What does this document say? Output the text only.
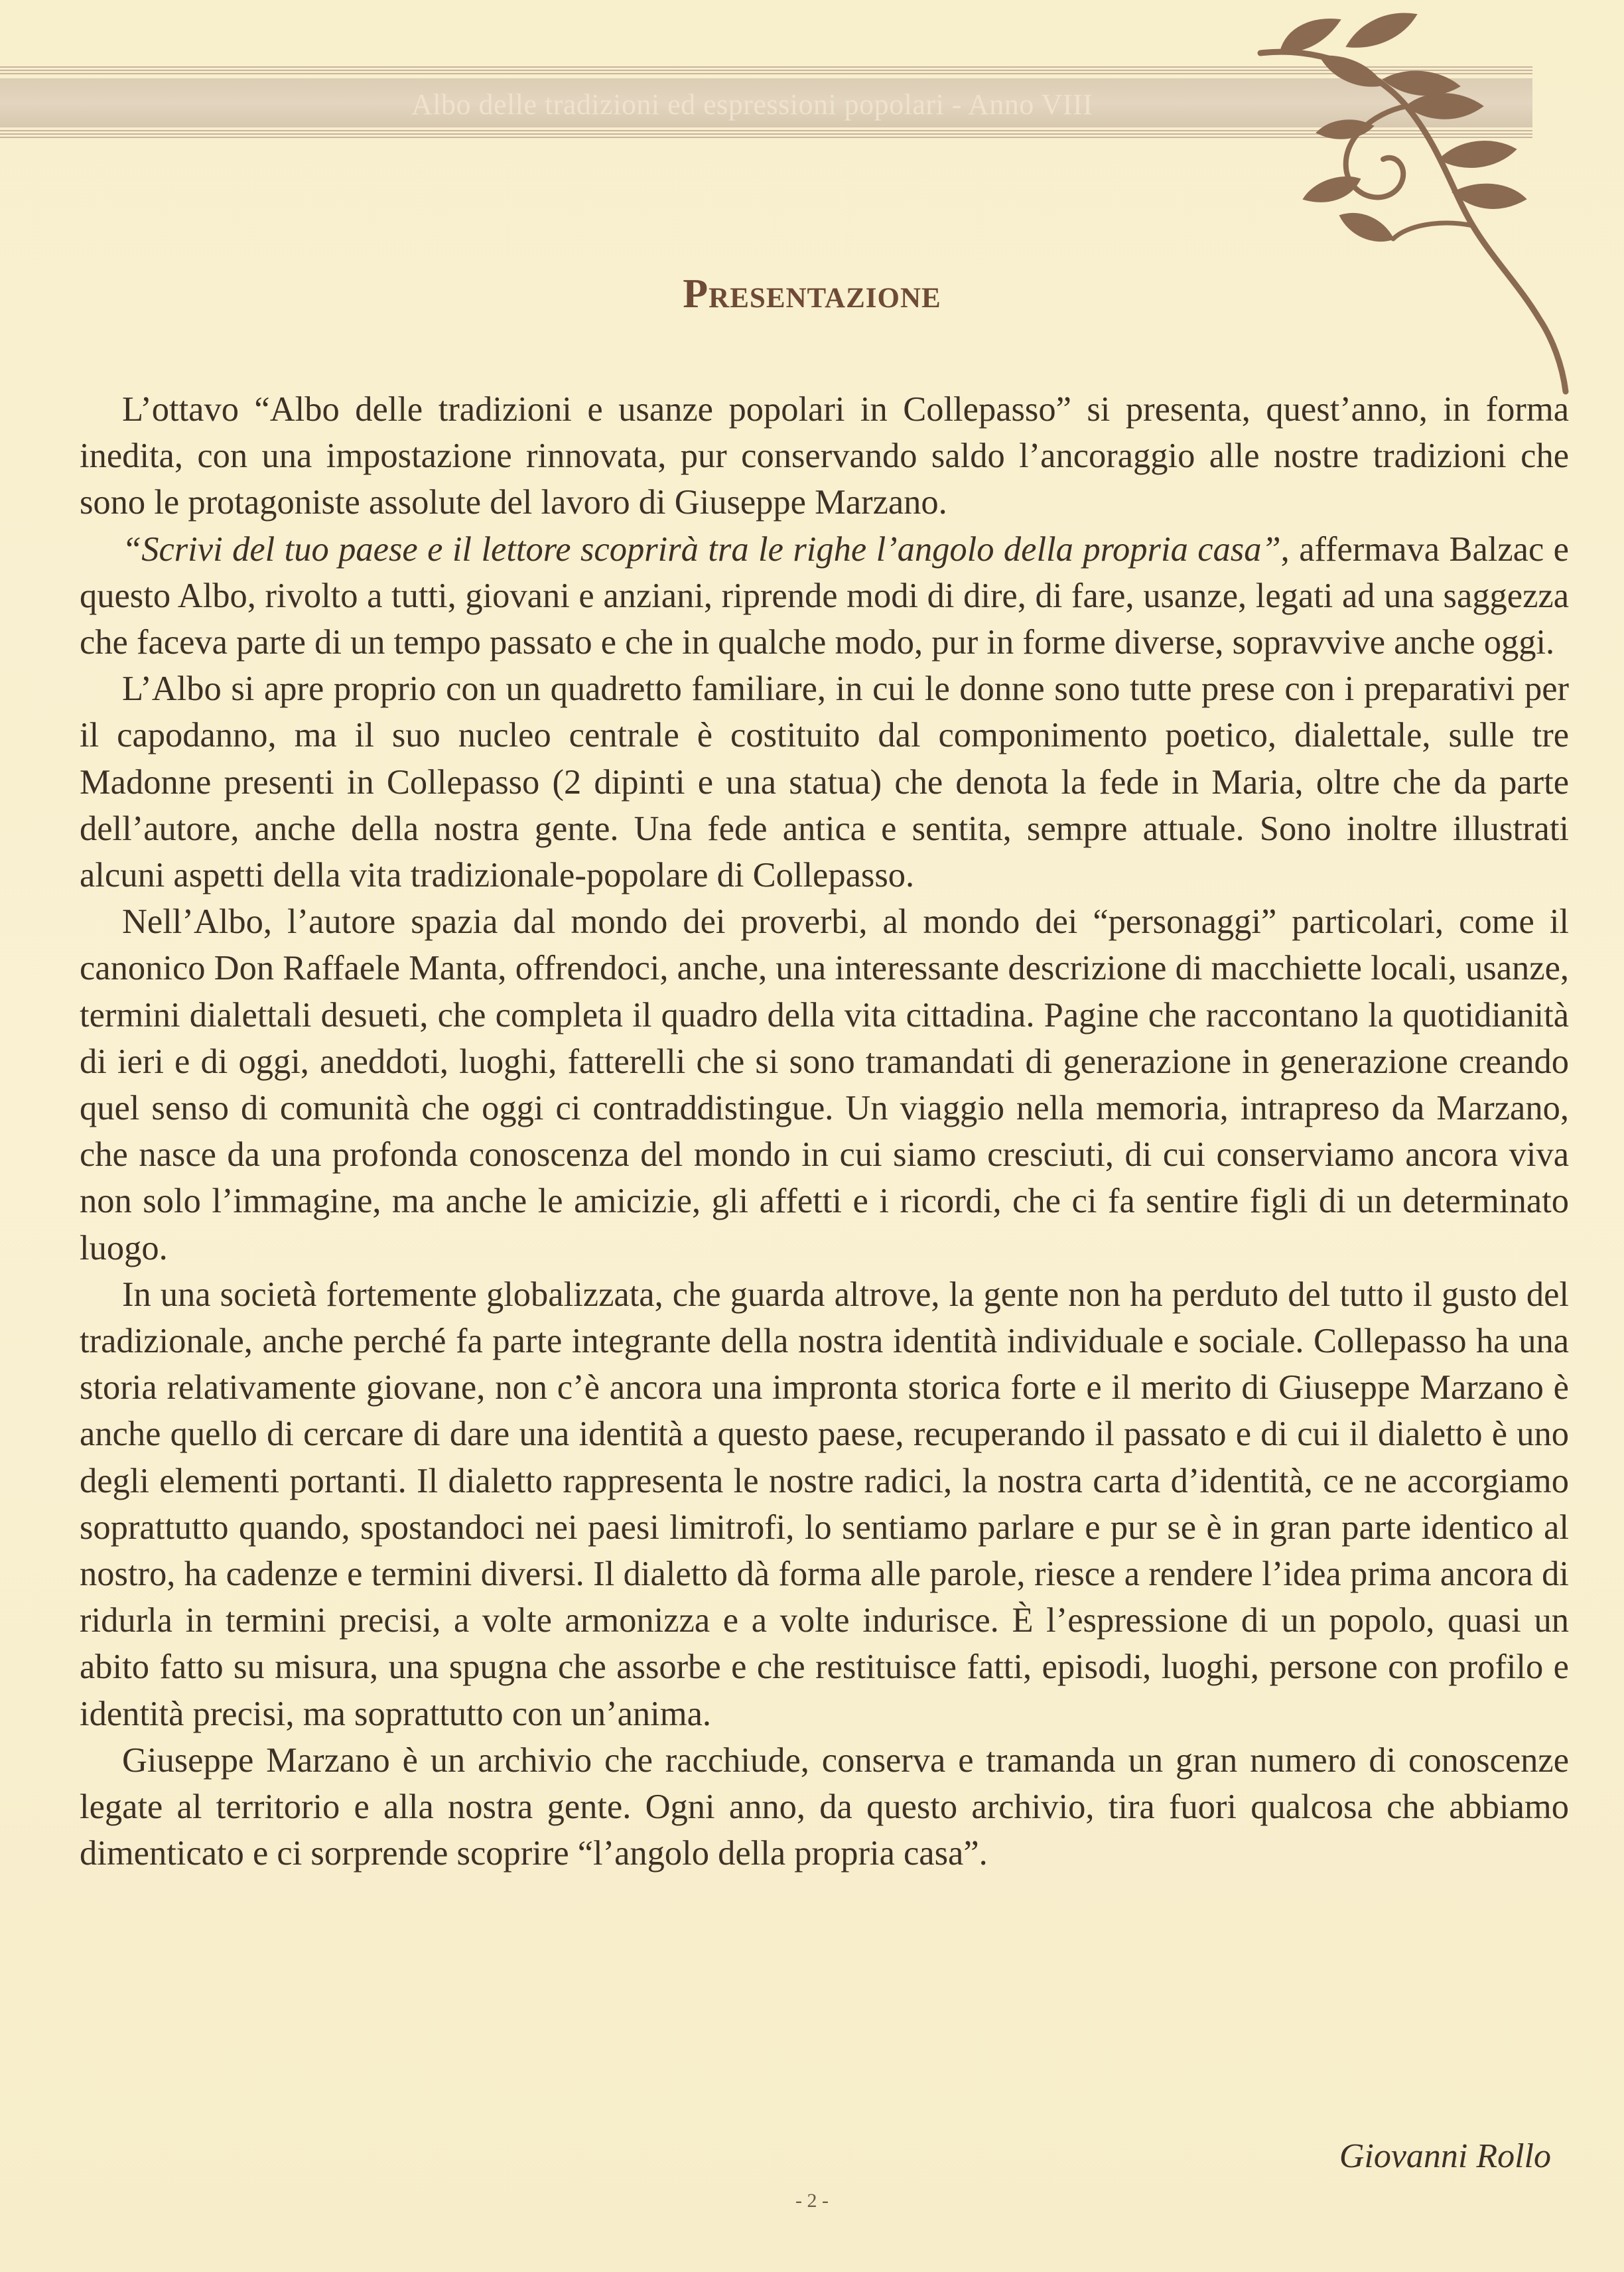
Albo delle tradizioni ed espressioni popolari - Anno VIII
Presentazione

L’ottavo “Albo delle tradizioni e usanze popolari in Collepasso” si presenta, quest’anno, in forma inedita, con una impostazione rinnovata, pur conservando saldo l’ancoraggio alle nostre tradizioni che sono le protagoniste assolute del lavoro di Giuseppe Marzano.

“Scrivi del tuo paese e il lettore scoprirà tra le righe l’angolo della propria casa”, affermava Balzac e questo Albo, rivolto a tutti, giovani e anziani, riprende modi di dire, di fare, usanze, legati ad una saggezza che faceva parte di un tempo passato e che in qualche modo, pur in forme diverse, sopravvive anche oggi.

L’Albo si apre proprio con un quadretto familiare, in cui le donne sono tutte prese con i preparativi per il capodanno, ma il suo nucleo centrale è costituito dal componimento poetico, dialettale, sulle tre Madonne presenti in Collepasso (2 dipinti e una statua) che denota la fede in Maria, oltre che da parte dell’autore, anche della nostra gente. Una fede antica e sentita, sempre attuale. Sono inoltre illustrati alcuni aspetti della vita tradizionale-popolare di Collepasso.

Nell’Albo, l’autore spazia dal mondo dei proverbi, al mondo dei “personaggi” particolari, come il canonico Don Raffaele Manta, offrendoci, anche, una interessante descrizione di macchiette locali, usanze, termini dialettali desueti, che completa il quadro della vita cittadina. Pagine che raccontano la quotidianità di ieri e di oggi, aneddoti, luoghi, fatterelli che si sono tramandati di generazione in generazione creando quel senso di comunità che oggi ci contraddistingue. Un viaggio nella memoria, intrapreso da Marzano, che nasce da una profonda conoscenza del mondo in cui siamo cresciuti, di cui conserviamo ancora viva non solo l’immagine, ma anche le amicizie, gli affetti e i ricordi, che ci fa sentire figli di un determinato luogo.

In una società fortemente globalizzata, che guarda altrove, la gente non ha perduto del tutto il gusto del tradizionale, anche perché fa parte integrante della nostra identità individuale e sociale. Collepasso ha una storia relativamente giovane, non c’è ancora una impronta storica forte e il merito di Giuseppe Marzano è anche quello di cercare di dare una identità a questo paese, recuperando il passato e di cui il dialetto è uno degli elementi portanti. Il dialetto rappresenta le nostre radici, la nostra carta d’identità, ce ne accorgiamo soprattutto quando, spostandoci nei paesi limitrofi, lo sentiamo parlare e pur se è in gran parte identico al nostro, ha cadenze e termini diversi. Il dialetto dà forma alle parole, riesce a rendere l’idea prima ancora di ridurla in termini precisi, a volte armonizza e a volte indurisce. È l’espressione di un popolo, quasi un abito fatto su misura, una spugna che assorbe e che restituisce fatti, episodi, luoghi, persone con profilo e identità precisi, ma soprattutto con un’anima.

Giuseppe Marzano è un archivio che racchiude, conserva e tramanda un gran numero di conoscenze legate al territorio e alla nostra gente. Ogni anno, da questo archivio, tira fuori qualcosa che abbiamo dimenticato e ci sorprende scoprire “l’angolo della propria casa”.

Giovanni Rollo
- 2 -
